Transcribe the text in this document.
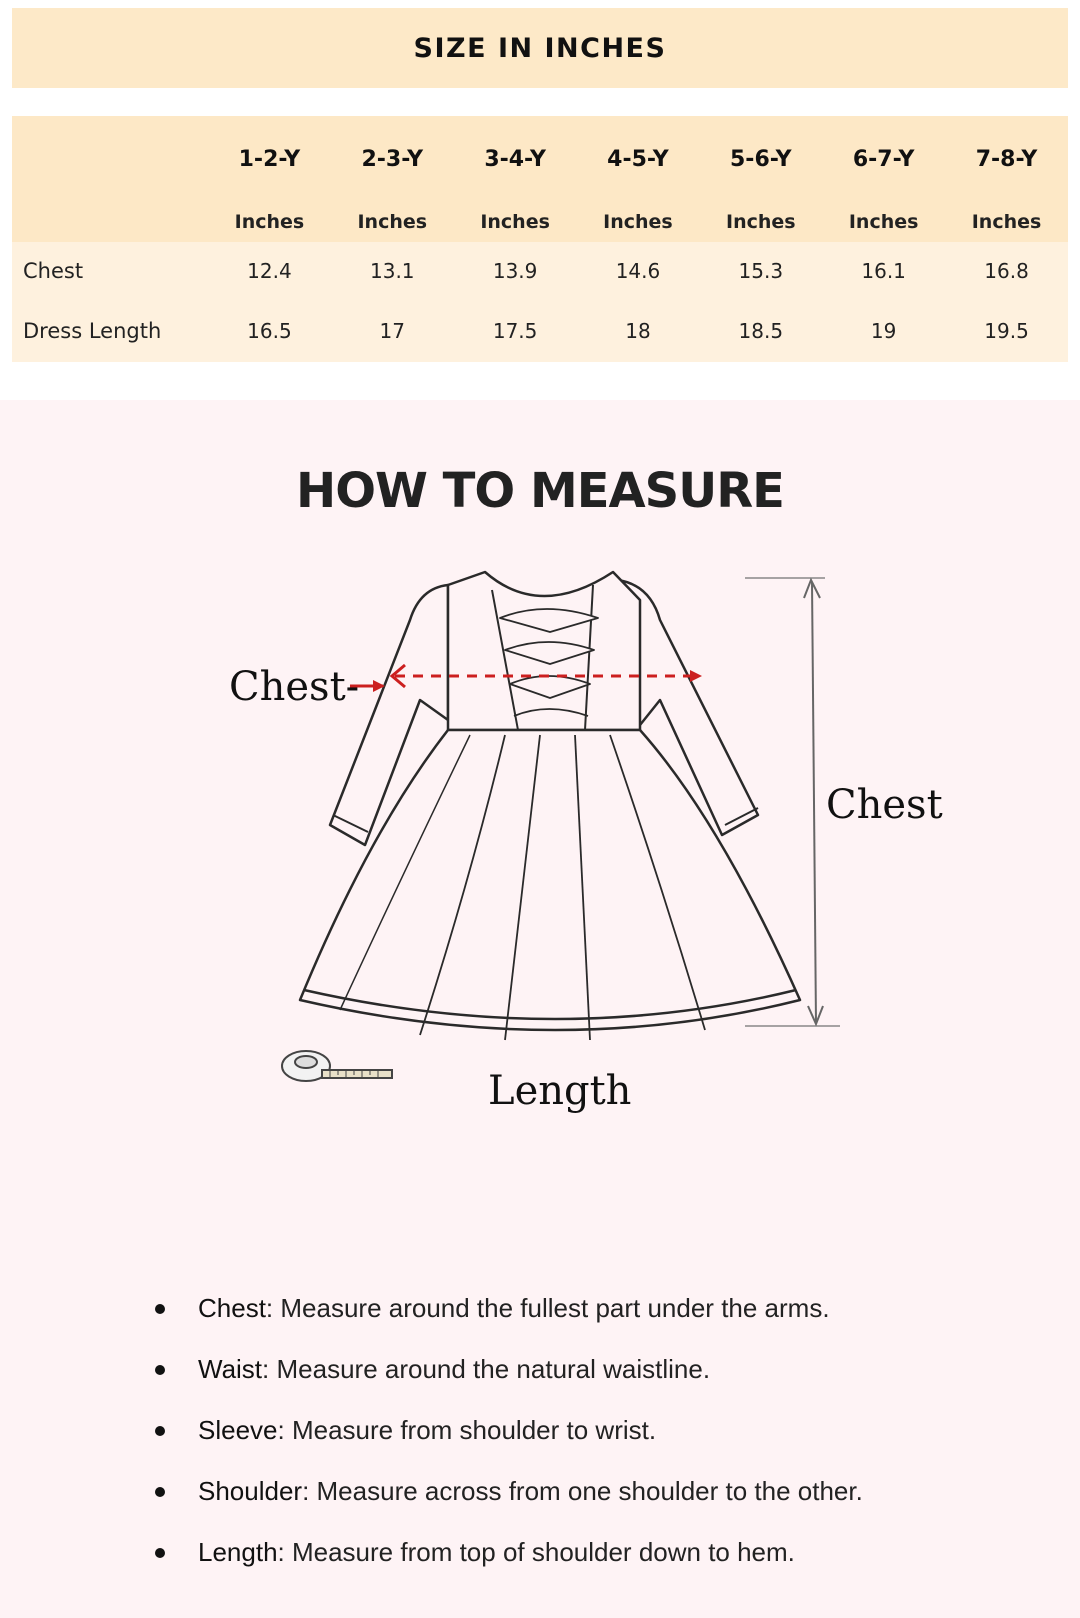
SIZE IN INCHES
	1-2-Y	2-3-Y	3-4-Y	4-5-Y	5-6-Y	6-7-Y	7-8-Y
	Inches	Inches	Inches	Inches	Inches	Inches	Inches
Chest	12.4	13.1	13.9	14.6	15.3	16.1	16.8
Dress Length	16.5	17	17.5	18	18.5	19	19.5
HOW TO MEASURE
Chest-
Chest
Length
Chest: Measure around the fullest part under the arms.
Waist: Measure around the natural waistline.
Sleeve: Measure from shoulder to wrist.
Shoulder: Measure across from one shoulder to the other.
Length: Measure from top of shoulder down to hem.
